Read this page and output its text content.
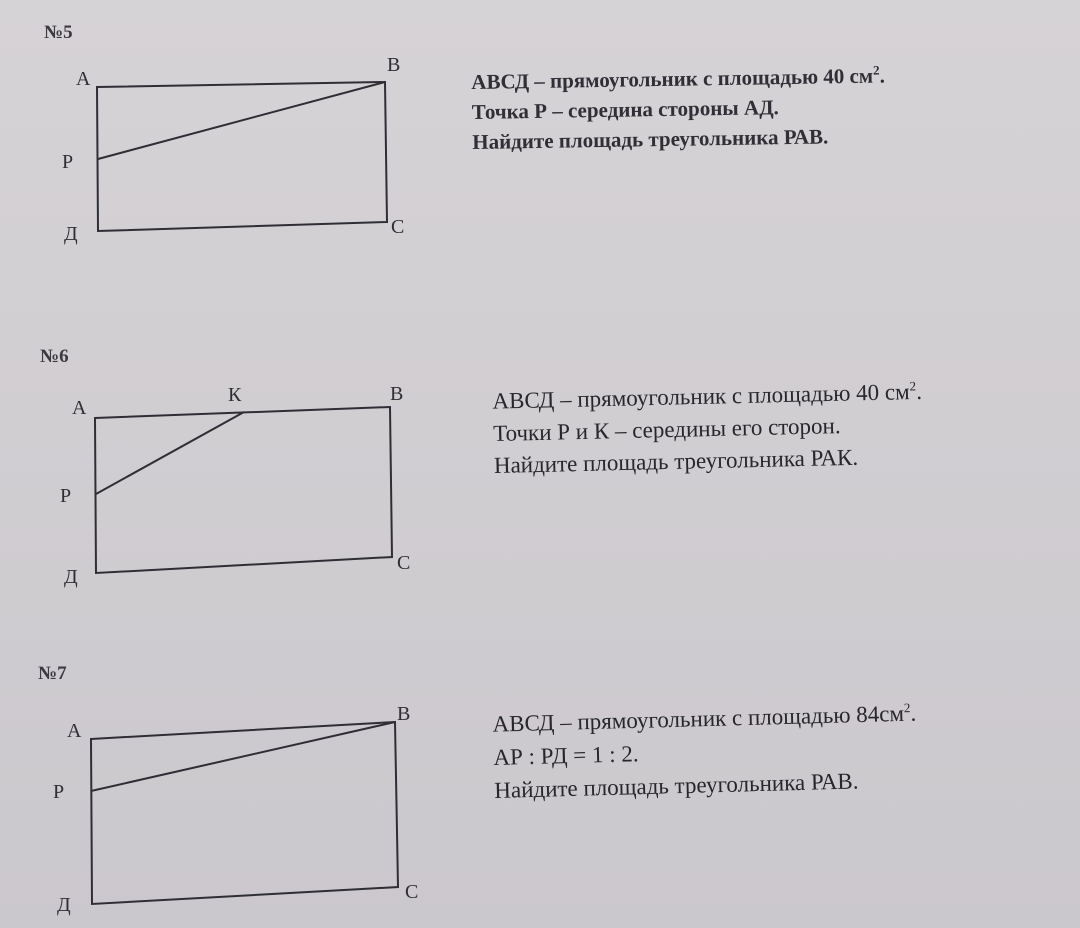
№5
А
В
Р
Д	С
АВСД – прямоугольник с площадью 40 $см^2$.
Точка Р – середина стороны АД.
Найдите площадь треугольника РАВ.
№6
А
К	В
Р
Д
С
АВСД – прямоугольник с площадью 40 $см^2$.
Точки Р и К – середины его сторон.
Найдите площадь треугольника РАК.
№7
А
В
Р
Д
С
АВСД – прямоугольник с площадью $84см^2$.
АР : РД = 1 : 2.
Найдите площадь треугольника РАВ.
